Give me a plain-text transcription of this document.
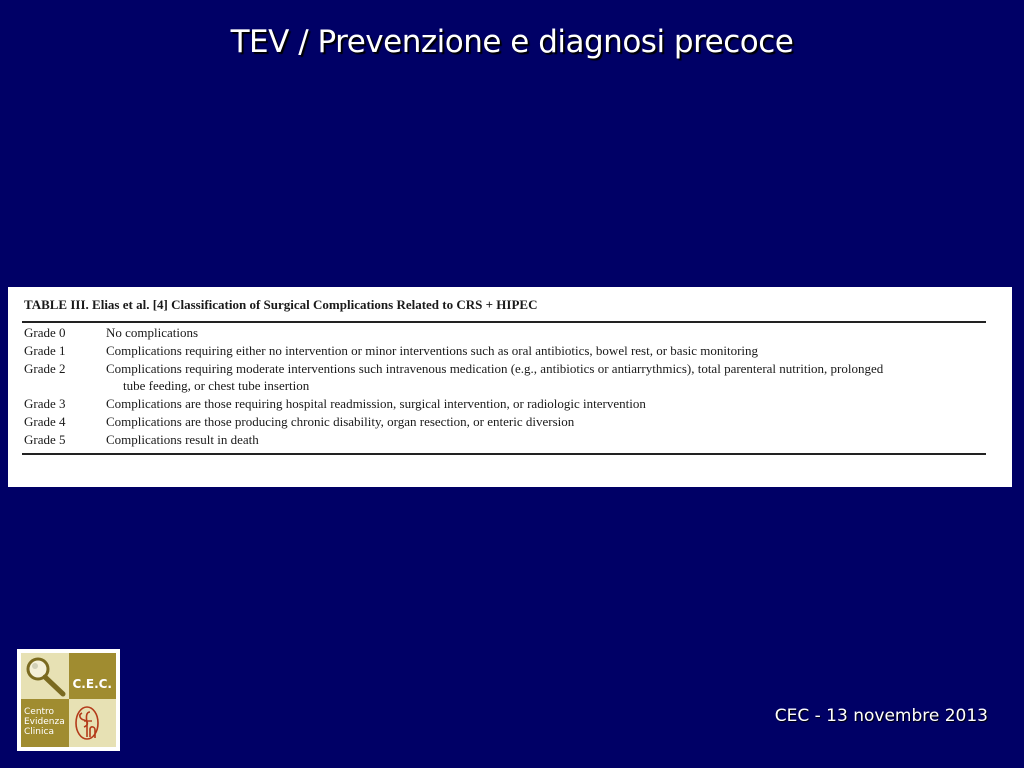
TEV / Prevenzione e diagnosi precoce
TABLE III. Elias et al. [4] Classification of Surgical Complications Related to CRS + HIPEC
Grade 0	No complications
Grade 1	Complications requiring either no intervention or minor interventions such as oral antibiotics, bowel rest, or basic monitoring
Grade 2	Complications requiring moderate interventions such intravenous medication (e.g., antibiotics or antiarrythmics), total parenteral nutrition, prolonged
tube feeding, or chest tube insertion
Grade 3	Complications are those requiring hospital readmission, surgical intervention, or radiologic intervention
Grade 4	Complications are those producing chronic disability, organ resection, or enteric diversion
Grade 5	Complications result in death
C.E.C.
Centro
Evidenza
Clinica
CEC - 13 novembre 2013
